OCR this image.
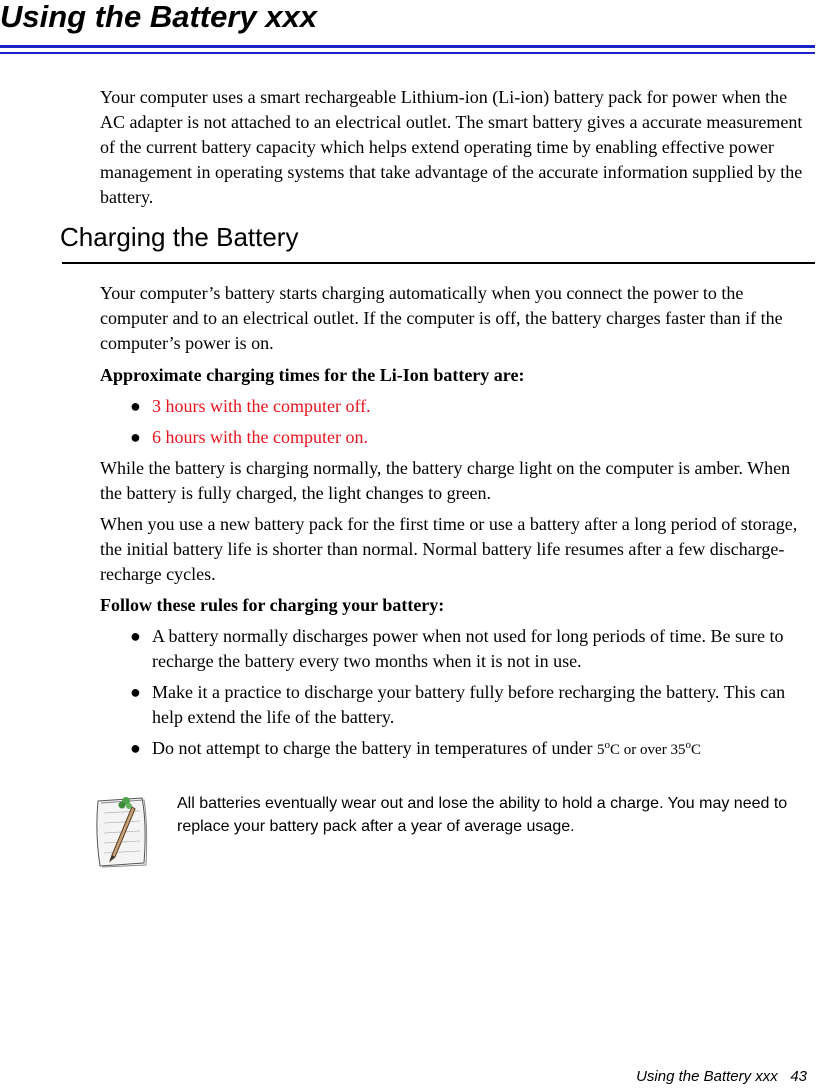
Using the Battery xxx

Your computer uses a smart rechargeable Lithium-ion (Li-ion) battery pack for power when the AC adapter is not attached to an electrical outlet. The smart battery gives a accurate measurement of the current battery capacity which helps extend operating time by enabling effective power management in operating systems that take advantage of the accurate information supplied by the battery.

Charging the Battery

Your computer’s battery starts charging automatically when you connect the power to the computer and to an electrical outlet. If the computer is off, the battery charges faster than if the computer’s power is on.

Approximate charging times for the Li-Ion battery are:

● 3 hours with the computer off.
● 6 hours with the computer on.

While the battery is charging normally, the battery charge light on the computer is amber. When the battery is fully charged, the light changes to green.

When you use a new battery pack for the first time or use a battery after a long period of storage, the initial battery life is shorter than normal. Normal battery life resumes after a few discharge-recharge cycles.

Follow these rules for charging your battery:

● A battery normally discharges power when not used for long periods of time. Be sure to recharge the battery every two months when it is not in use.
● Make it a practice to discharge your battery fully before recharging the battery. This can help extend the life of the battery.
● Do not attempt to charge the battery in temperatures of under 5$^o$C or over 35$^o$C
All batteries eventually wear out and lose the ability to hold a charge. You may need to replace your battery pack after a year of average usage.
Using the Battery xxx 43
